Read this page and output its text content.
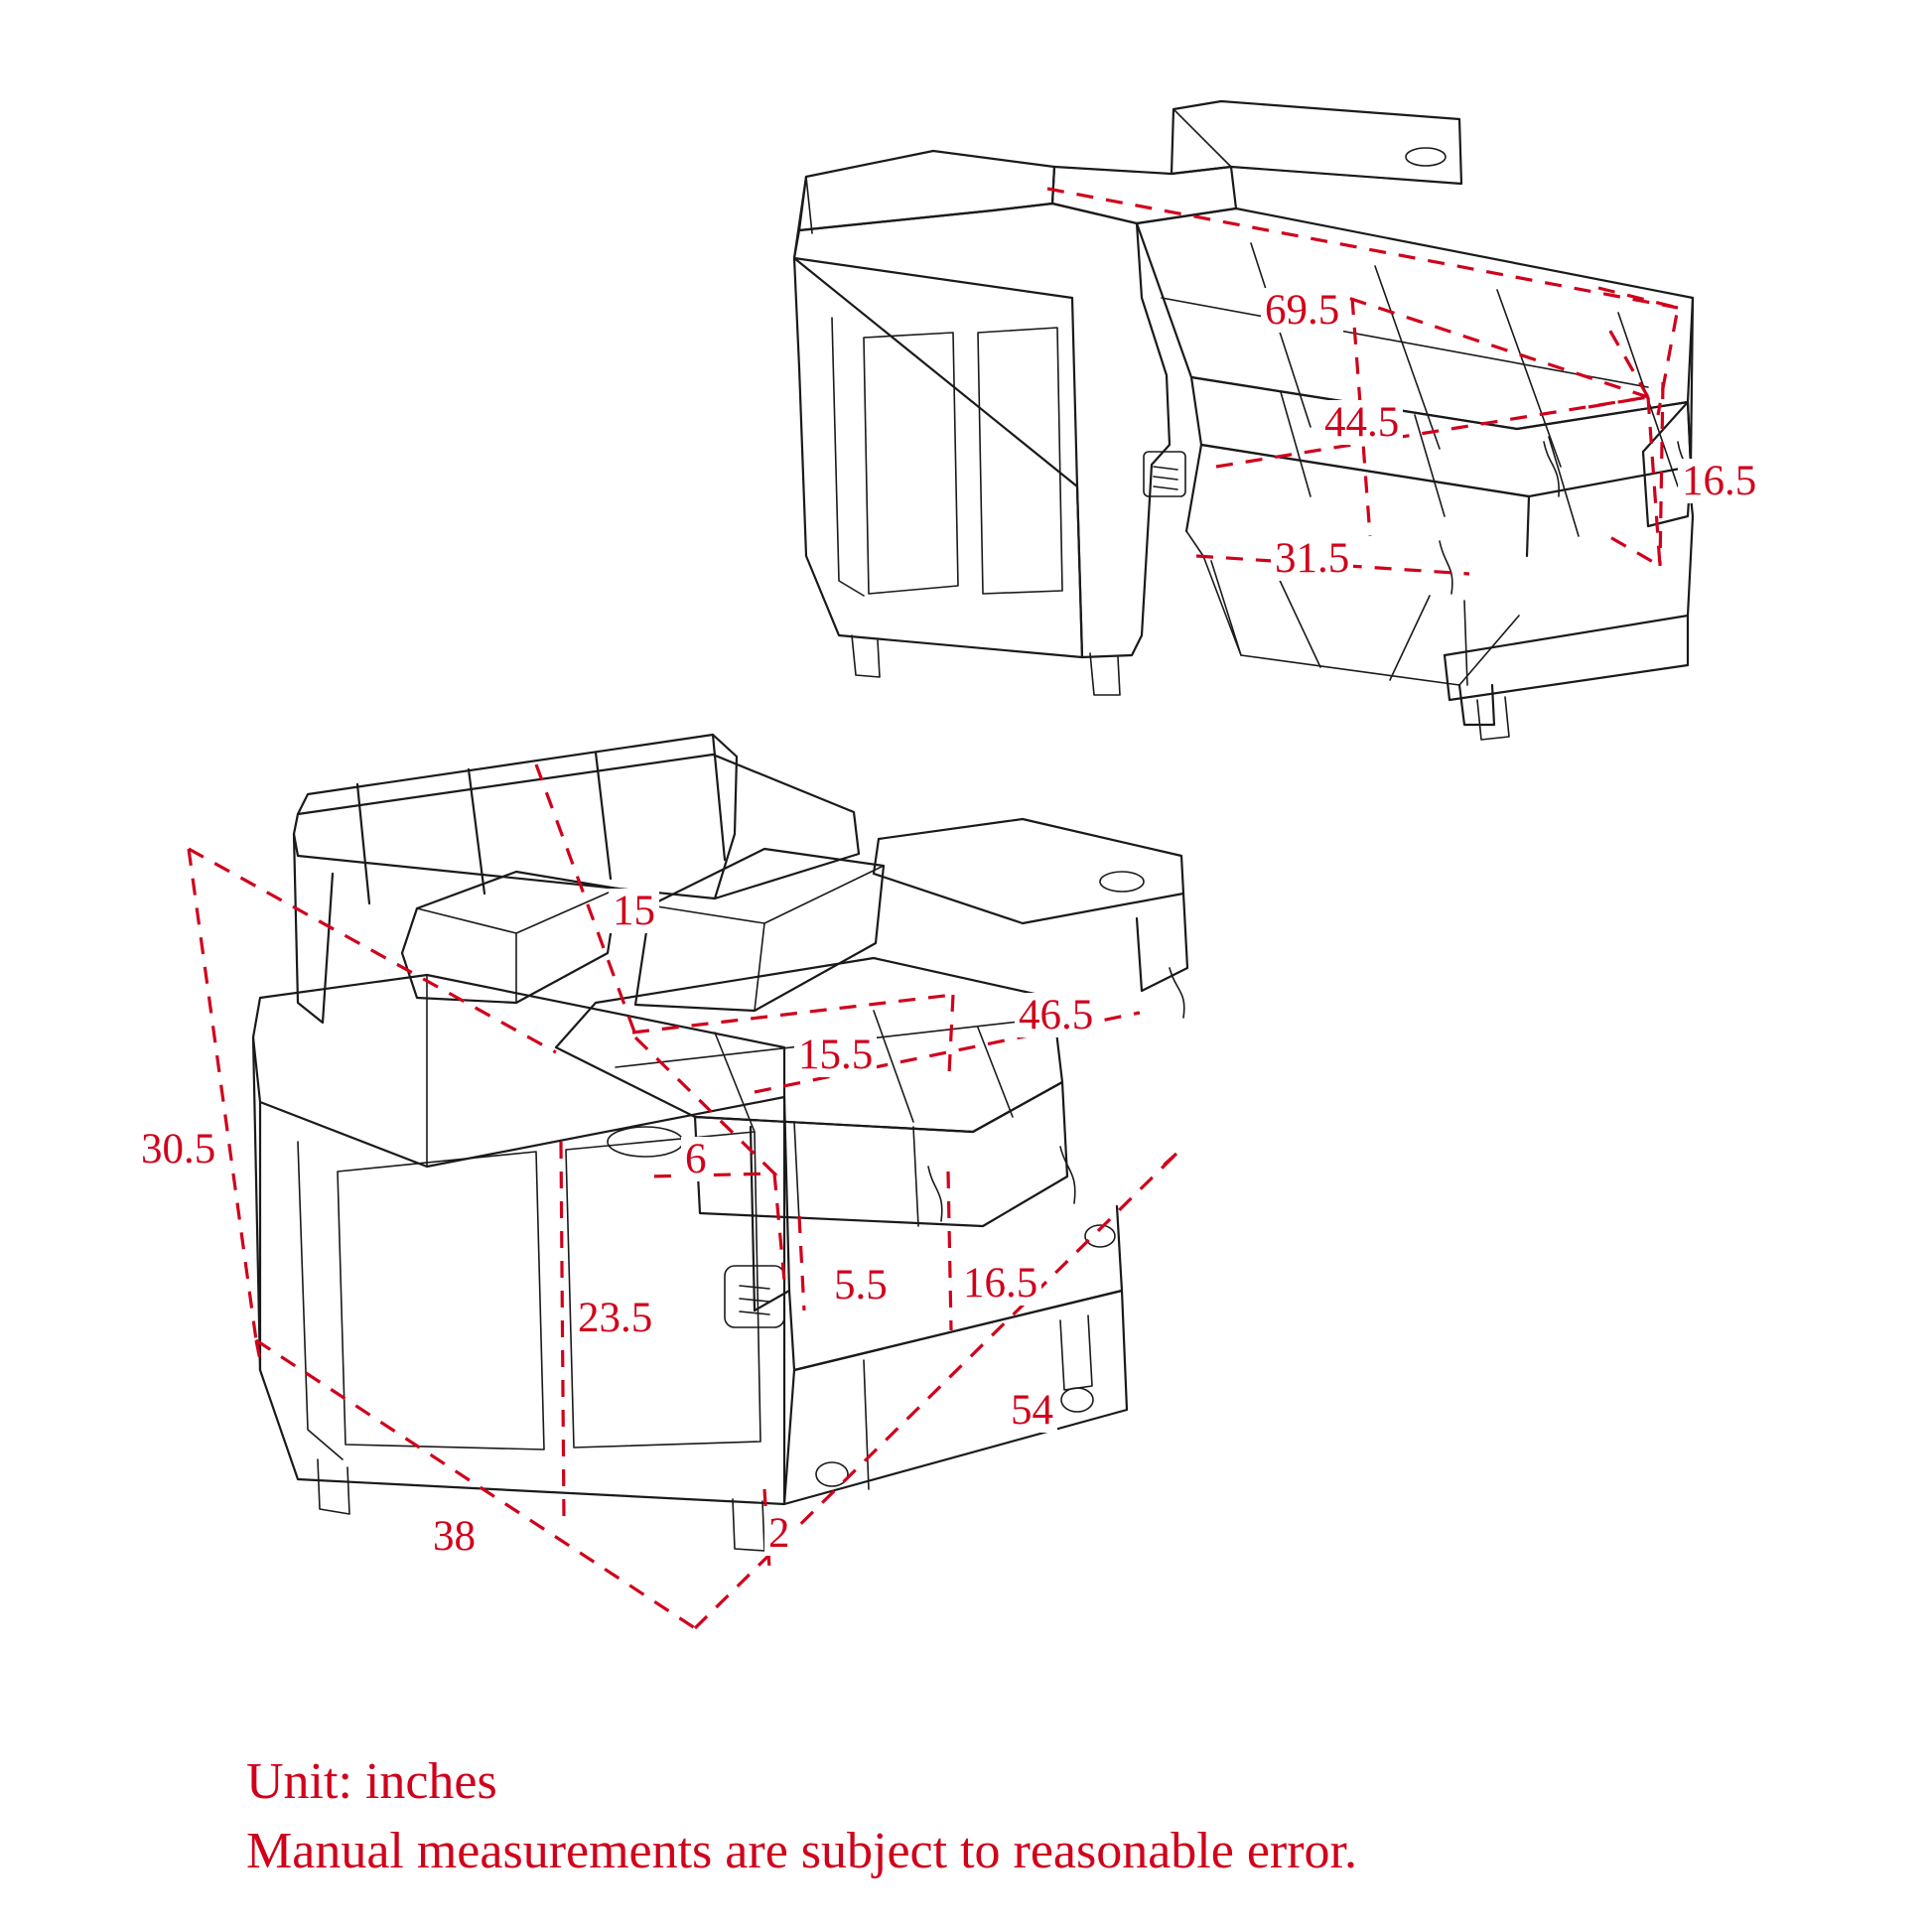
69.5
44.5
31.5
16.5
15
46.5
15.5
30.5	6
5.5 16.5
23.5
54
38	2
Unit: inches
Manual measurements are subject to reasonable error.
